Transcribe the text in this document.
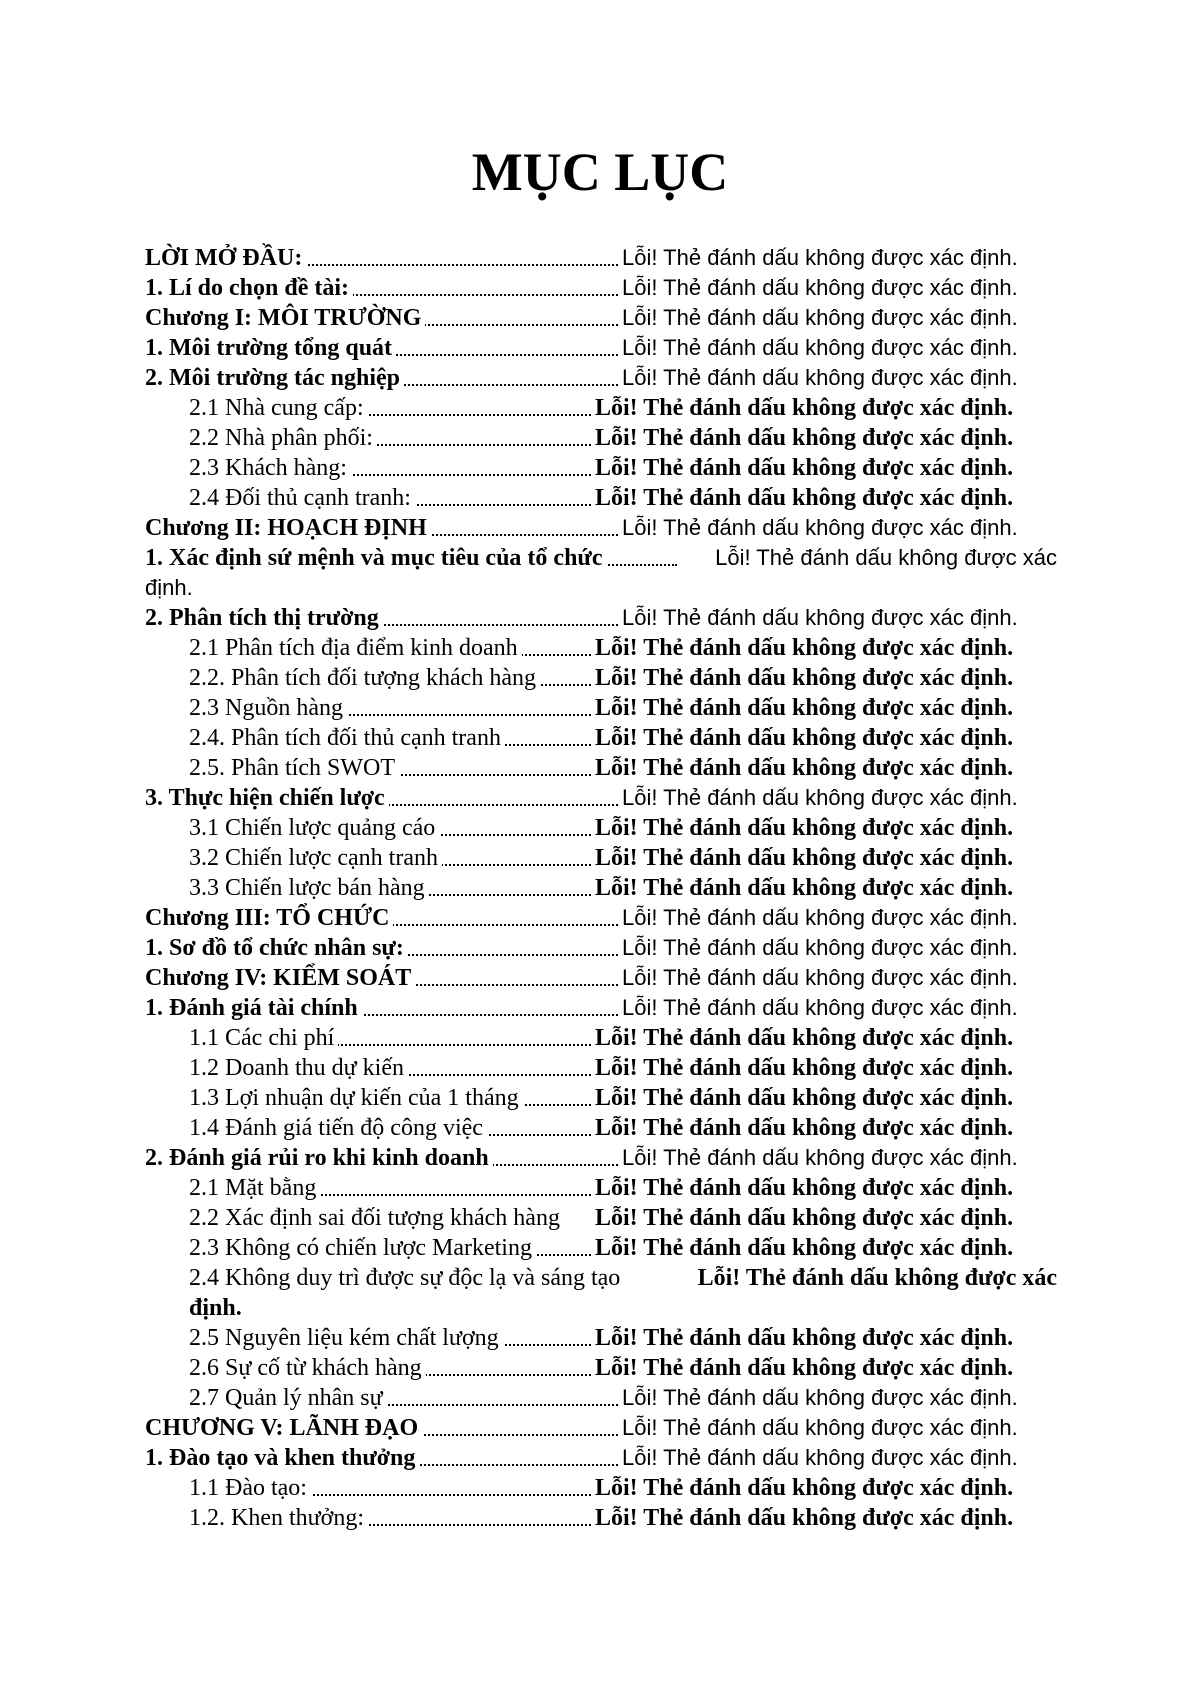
MỤC LỤC
LỜI MỞ ĐẦU:	Lỗi! Thẻ đánh dấu không được xác định.
1. Lí do chọn đề tài:	Lỗi! Thẻ đánh dấu không được xác định.
Chương I: MÔI TRƯỜNG	Lỗi! Thẻ đánh dấu không được xác định.
1. Môi trường tổng quát	Lỗi! Thẻ đánh dấu không được xác định.
2. Môi trường tác nghiệp	Lỗi! Thẻ đánh dấu không được xác định.
2.1 Nhà cung cấp:	Lỗi! Thẻ đánh dấu không được xác định.
2.2 Nhà phân phối:	Lỗi! Thẻ đánh dấu không được xác định.
2.3 Khách hàng:	Lỗi! Thẻ đánh dấu không được xác định.
2.4 Đối thủ cạnh tranh:	Lỗi! Thẻ đánh dấu không được xác định.
Chương II: HOẠCH ĐỊNH	Lỗi! Thẻ đánh dấu không được xác định.
1. Xác định sứ mệnh và mục tiêu của tổ chức	Lỗi! Thẻ đánh dấu không được xác
định.
2. Phân tích thị trường	Lỗi! Thẻ đánh dấu không được xác định.
2.1 Phân tích địa điểm kinh doanh	Lỗi! Thẻ đánh dấu không được xác định.
2.2. Phân tích đối tượng khách hàng Lỗi! Thẻ đánh dấu không được xác định.
2.3 Nguồn hàng	Lỗi! Thẻ đánh dấu không được xác định.
2.4. Phân tích đối thủ cạnh tranh	Lỗi! Thẻ đánh dấu không được xác định.
2.5. Phân tích SWOT	Lỗi! Thẻ đánh dấu không được xác định.
3. Thực hiện chiến lược	Lỗi! Thẻ đánh dấu không được xác định.
3.1 Chiến lược quảng cáo	Lỗi! Thẻ đánh dấu không được xác định.
3.2 Chiến lược cạnh tranh	Lỗi! Thẻ đánh dấu không được xác định.
3.3 Chiến lược bán hàng	Lỗi! Thẻ đánh dấu không được xác định.
Chương III: TỔ CHỨC	Lỗi! Thẻ đánh dấu không được xác định.
1. Sơ đồ tổ chức nhân sự:	Lỗi! Thẻ đánh dấu không được xác định.
Chương IV: KIỂM SOÁT	Lỗi! Thẻ đánh dấu không được xác định.
1. Đánh giá tài chính	Lỗi! Thẻ đánh dấu không được xác định.
1.1 Các chi phí	Lỗi! Thẻ đánh dấu không được xác định.
1.2 Doanh thu dự kiến	Lỗi! Thẻ đánh dấu không được xác định.
1.3 Lợi nhuận dự kiến của 1 tháng	Lỗi! Thẻ đánh dấu không được xác định.
1.4 Đánh giá tiến độ công việc	Lỗi! Thẻ đánh dấu không được xác định.
2. Đánh giá rủi ro khi kinh doanh	Lỗi! Thẻ đánh dấu không được xác định.
2.1 Mặt bằng	Lỗi! Thẻ đánh dấu không được xác định.
2.2 Xác định sai đối tượng khách hàng Lỗi! Thẻ đánh dấu không được xác định.
2.3 Không có chiến lược Marketing	Lỗi! Thẻ đánh dấu không được xác định.
2.4 Không duy trì được sự độc lạ và sáng tạo	Lỗi! Thẻ đánh dấu không được xác
định.
2.5 Nguyên liệu kém chất lượng	Lỗi! Thẻ đánh dấu không được xác định.
2.6 Sự cố từ khách hàng	Lỗi! Thẻ đánh dấu không được xác định.
2.7 Quản lý nhân sự	Lỗi! Thẻ đánh dấu không được xác định.
CHƯƠNG V: LÃNH ĐẠO	Lỗi! Thẻ đánh dấu không được xác định.
1. Đào tạo và khen thưởng	Lỗi! Thẻ đánh dấu không được xác định.
1.1 Đào tạo:	Lỗi! Thẻ đánh dấu không được xác định.
1.2. Khen thưởng:	Lỗi! Thẻ đánh dấu không được xác định.
